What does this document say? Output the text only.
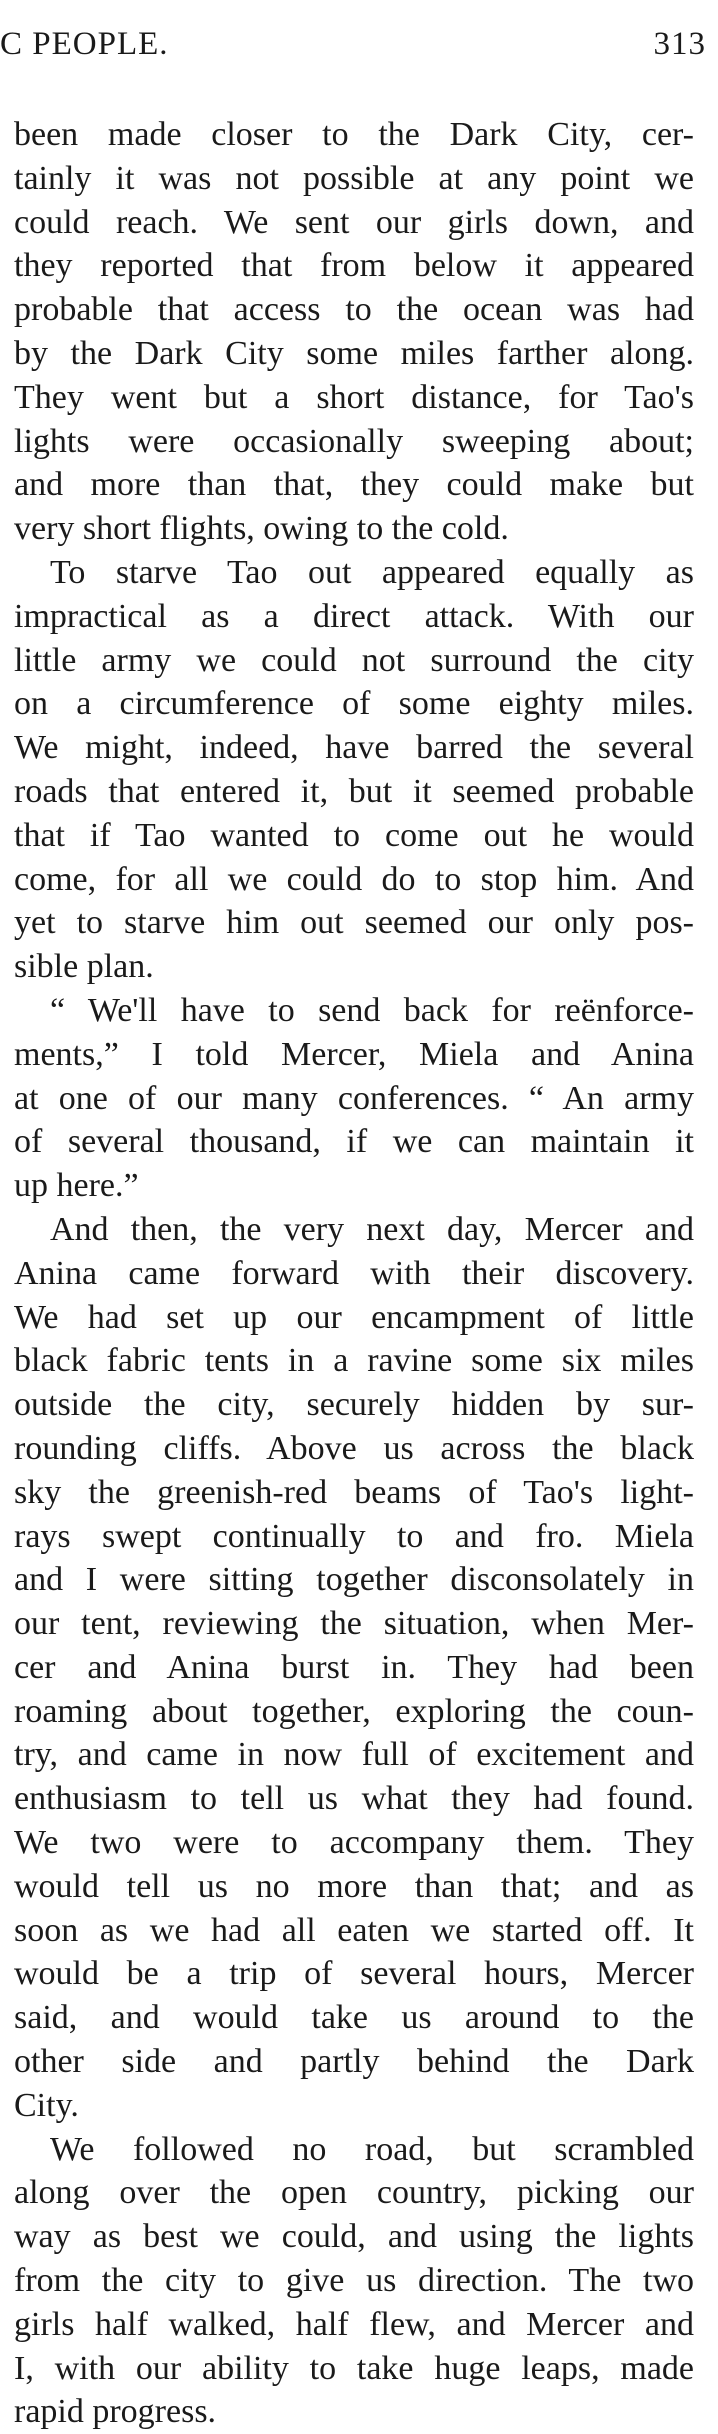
C PEOPLE.	313
been made closer to the Dark City, cer-
tainly it was not possible at any point we
could reach. We sent our girls down, and
they reported that from below it appeared
probable that access to the ocean was had
by the Dark City some miles farther along.
They went but a short distance, for Tao's
lights were occasionally sweeping about;
and more than that, they could make but
very short flights, owing to the cold.
To starve Tao out appeared equally as
impractical as a direct attack. With our
little army we could not surround the city
on a circumference of some eighty miles.
We might, indeed, have barred the several
roads that entered it, but it seemed probable
that if Tao wanted to come out he would
come, for all we could do to stop him. And
yet to starve him out seemed our only pos-
sible plan.
“ We'll have to send back for reënforce-
ments,” I told Mercer, Miela and Anina
at one of our many conferences. “ An army
of several thousand, if we can maintain it
up here.”
And then, the very next day, Mercer and
Anina came forward with their discovery.
We had set up our encampment of little
black fabric tents in a ravine some six miles
outside the city, securely hidden by sur-
rounding cliffs. Above us across the black
sky the greenish-red beams of Tao's light-
rays swept continually to and fro. Miela
and I were sitting together disconsolately in
our tent, reviewing the situation, when Mer-
cer and Anina burst in. They had been
roaming about together, exploring the coun-
try, and came in now full of excitement and
enthusiasm to tell us what they had found.
We two were to accompany them. They
would tell us no more than that; and as
soon as we had all eaten we started off. It
would be a trip of several hours, Mercer
said, and would take us around to the
other side and partly behind the Dark
City.
We followed no road, but scrambled
along over the open country, picking our
way as best we could, and using the lights
from the city to give us direction. The two
girls half walked, half flew, and Mercer and
I, with our ability to take huge leaps, made
rapid progress.
